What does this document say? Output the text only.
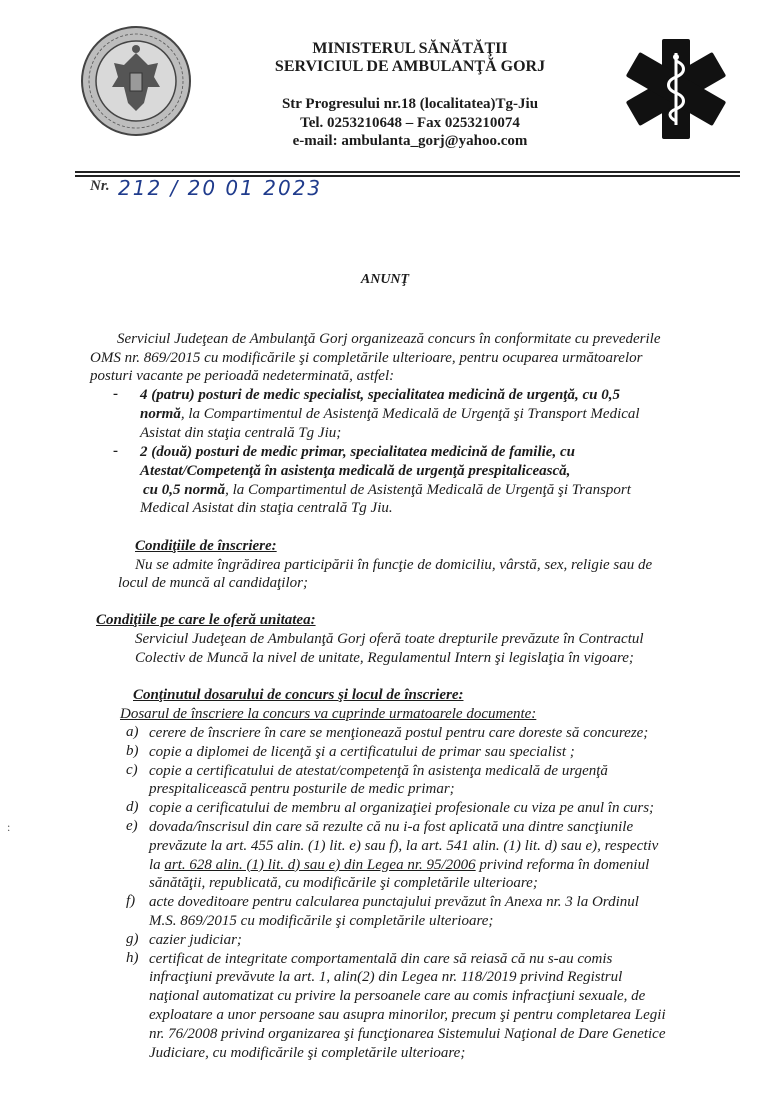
MINISTERUL SĂNĂTĂŢII
SERVICIUL DE AMBULANŢĂ GORJ
Str Progresului nr.18 (localitatea)Tg-Jiu
Tel. 0253210648 – Fax 0253210074
e-mail: ambulanta_gorj@yahoo.com
Nr. 212 / 20 01 2023
ANUNŢ
Serviciul Judeţean de Ambulanţă Gorj organizează concurs în conformitate cu prevederile
OMS nr. 869/2015 cu modificările şi completările ulterioare, pentru ocuparea următoarelor
posturi vacante pe perioadă nedeterminată, astfel:
- 4 (patru) posturi de medic specialist, specialitatea medicină de urgenţă, cu 0,5
normă, la Compartimentul de Asistenţă Medicală de Urgenţă şi Transport Medical
Asistat din staţia centrală Tg Jiu;
- 2 (două) posturi de medic primar, specialitatea medicină de familie, cu
Atestat/Competenţă în asistenţa medicală de urgenţă prespitalicească,
cu 0,5 normă, la Compartimentul de Asistenţă Medicală de Urgenţă şi Transport
Medical Asistat din staţia centrală Tg Jiu.
Condiţiile de înscriere:
Nu se admite îngrădirea participării în funcţie de domiciliu, vârstă, sex, religie sau de
locul de muncă al candidaţilor;
Condiţiile pe care le oferă unitatea:
Serviciul Judeţean de Ambulanţă Gorj oferă toate drepturile prevăzute în Contractul
Colectiv de Muncă la nivel de unitate, Regulamentul Intern şi legislaţia în vigoare;
Conţinutul dosarului de concurs şi locul de înscriere:
Dosarul de înscriere la concurs va cuprinde urmatoarele documente:
a) cerere de înscriere în care se menţionează postul pentru care doreste să concureze;
b) copie a diplomei de licenţă şi a certificatului de primar sau specialist ;
c) copie a certificatului de atestat/competenţă în asistenţa medicală de urgenţă
prespitalicească pentru posturile de medic primar;
d) copie a cerificatului de membru al organizaţiei profesionale cu viza pe anul în curs;
e) dovada/înscrisul din care să rezulte că nu i-a fost aplicată una dintre sancţiunile
prevăzute la art. 455 alin. (1) lit. e) sau f), la art. 541 alin. (1) lit. d) sau e), respectiv
la art. 628 alin. (1) lit. d) sau e) din Legea nr. 95/2006 privind reforma în domeniul
sănătăţii, republicată, cu modificările şi completările ulterioare;
f) acte doveditoare pentru calcularea punctajului prevăzut în Anexa nr. 3 la Ordinul
M.S. 869/2015 cu modificările şi completările ulterioare;
g) cazier judiciar;
h) certificat de integritate comportamentală din care să reiasă că nu s-au comis
infracţiuni prevăvute la art. 1, alin(2) din Legea nr. 118/2019 privind Registrul
naţional automatizat cu privire la persoanele care au comis infracţiuni sexuale, de
exploatare a unor persoane sau asupra minorilor, precum şi pentru completarea Legii
nr. 76/2008 privind organizarea şi funcţionarea Sistemului Naţional de Dare Genetice
Judiciare, cu modificările şi completările ulterioare;
:
